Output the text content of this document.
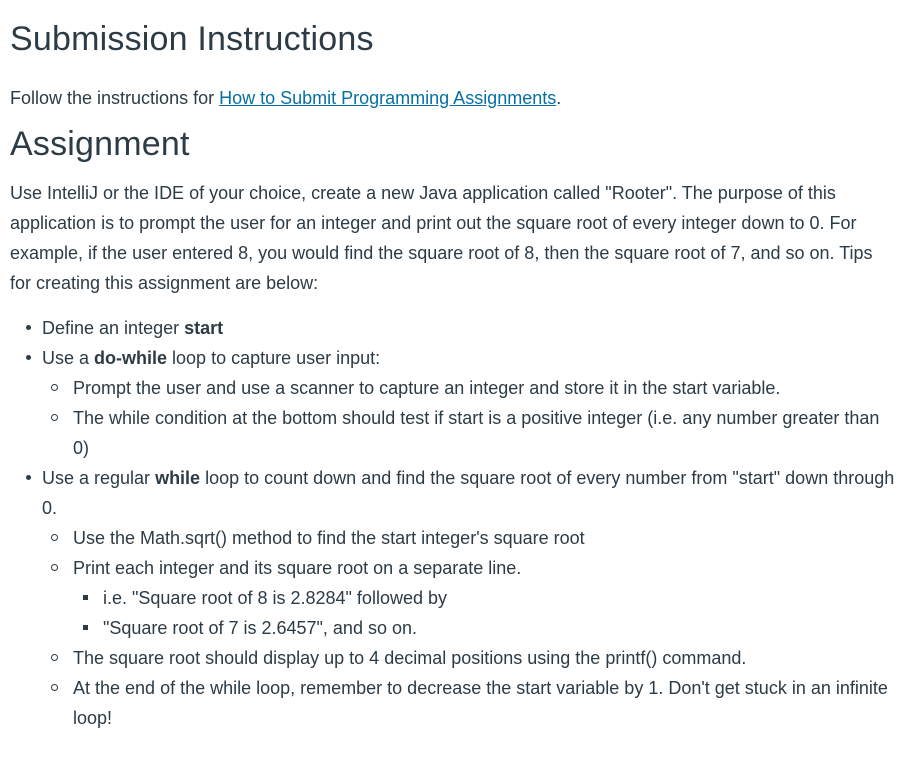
Submission Instructions

Follow the instructions for How to Submit Programming Assignments.

Assignment

Use IntelliJ or the IDE of your choice, create a new Java application called "Rooter". The purpose of this application is to prompt the user for an integer and print out the square root of every integer down to 0. For example, if the user entered 8, you would find the square root of 8, then the square root of 7, and so on. Tips for creating this assignment are below:

Define an integer start
Use a do-while loop to capture user input:
Prompt the user and use a scanner to capture an integer and store it in the start variable.
The while condition at the bottom should test if start is a positive integer (i.e. any number greater than 0)
Use a regular while loop to count down and find the square root of every number from "start" down through 0.
Use the Math.sqrt() method to find the start integer's square root
Print each integer and its square root on a separate line.
i.e. "Square root of 8 is 2.8284" followed by
"Square root of 7 is 2.6457", and so on.
The square root should display up to 4 decimal positions using the printf() command.
At the end of the while loop, remember to decrease the start variable by 1. Don't get stuck in an infinite loop!
